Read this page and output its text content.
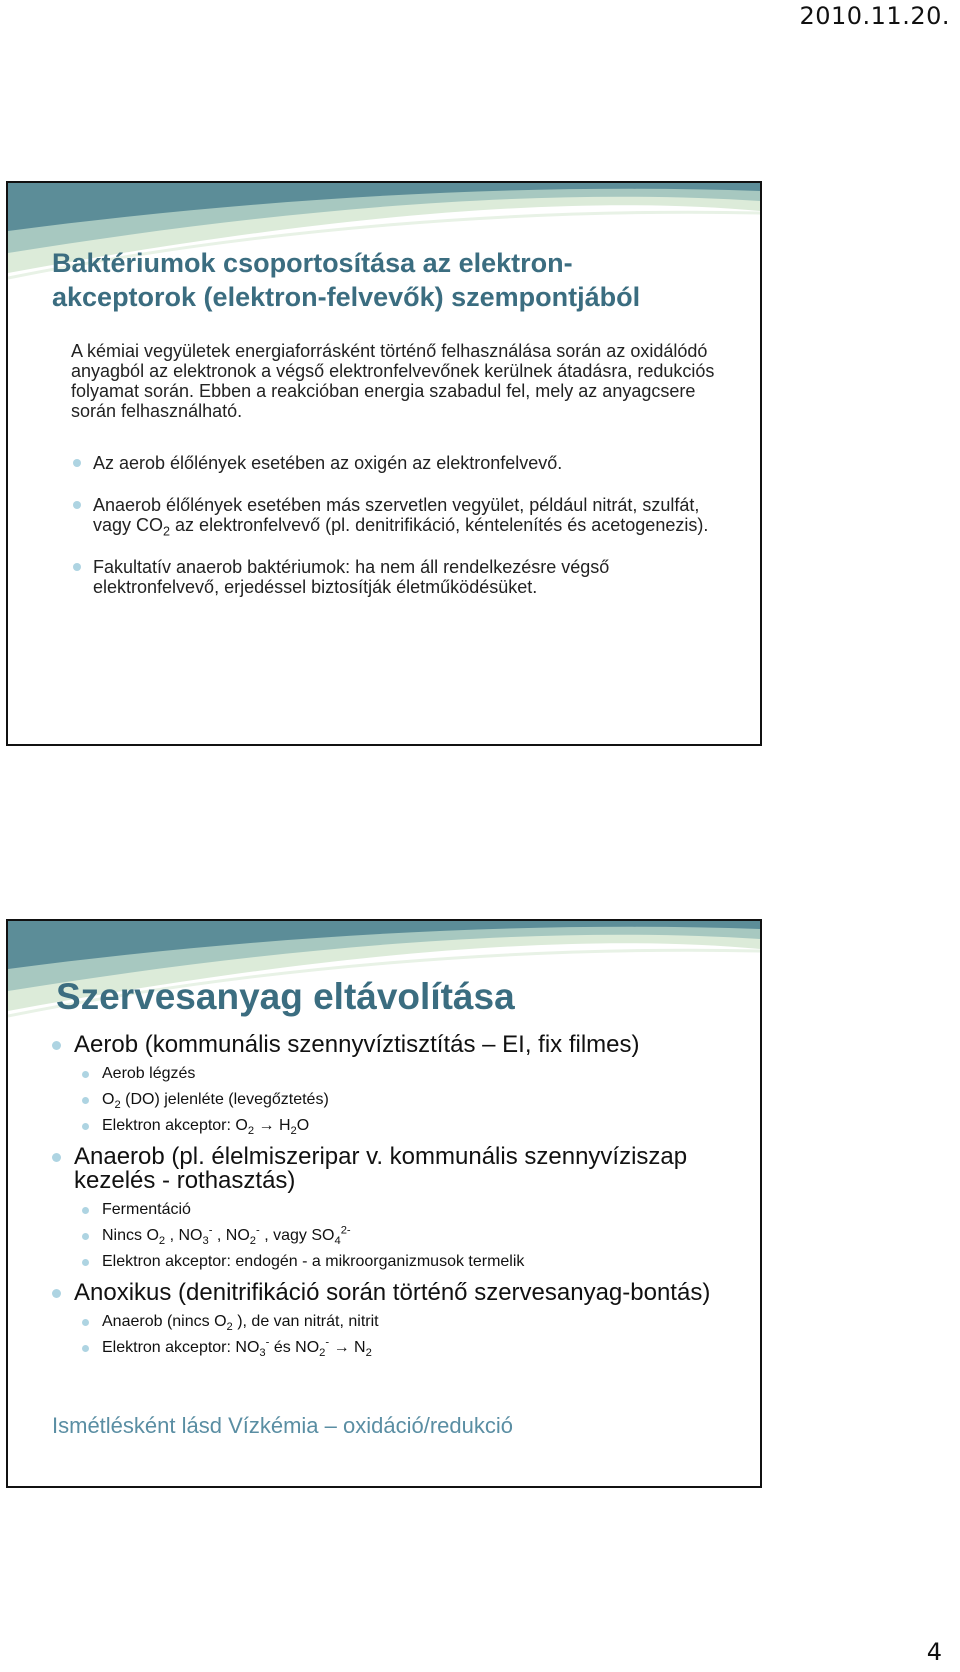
2010.11.20.
Baktériumok csoportosítása az elektron-
akceptorok (elektron-felvevők) szempontjából
A kémiai vegyületek energiaforrásként történő felhasználása során az oxidálódó anyagból az elektronok a végső elektronfelvevőnek kerülnek átadásra, redukciós folyamat során. Ebben a reakcióban energia szabadul fel, mely az anyagcsere során felhasználható.
Az aerob élőlények esetében az oxigén az elektronfelvevő.
Anaerob élőlények esetében más szervetlen vegyület, például nitrát, szulfát, vagy $CO_2$ az elektronfelvevő (pl. denitrifikáció, kéntelenítés és acetogenezis).
Fakultatív anaerob baktériumok: ha nem áll rendelkezésre végső elektronfelvevő, erjedéssel biztosítják életműködésüket.
Szervesanyag eltávolítása
Aerob (kommunális szennyvíztisztítás – EI, fix filmes)
Aerob légzés
$O_2$ (DO) jelenléte (levegőztetés)
Elektron akceptor: $O_2 \to H_2O$
Anaerob (pl. élelmiszeripar v. kommunális szennyvíziszap kezelés - rothasztás)
Fermentáció
Nincs $O_2$ , $NO_3^-$ , $NO_2^-$ , vagy $SO_4^{2-}$
Elektron akceptor: endogén - a mikroorganizmusok termelik
Anoxikus (denitrifikáció során történő szervesanyag-bontás)
Anaerob (nincs $O_2$ ), de van nitrát, nitrit
Elektron akceptor: $NO_3^-$ és $NO_2^- \to N_2$
Ismétlésként lásd Vízkémia – oxidáció/redukció
4
